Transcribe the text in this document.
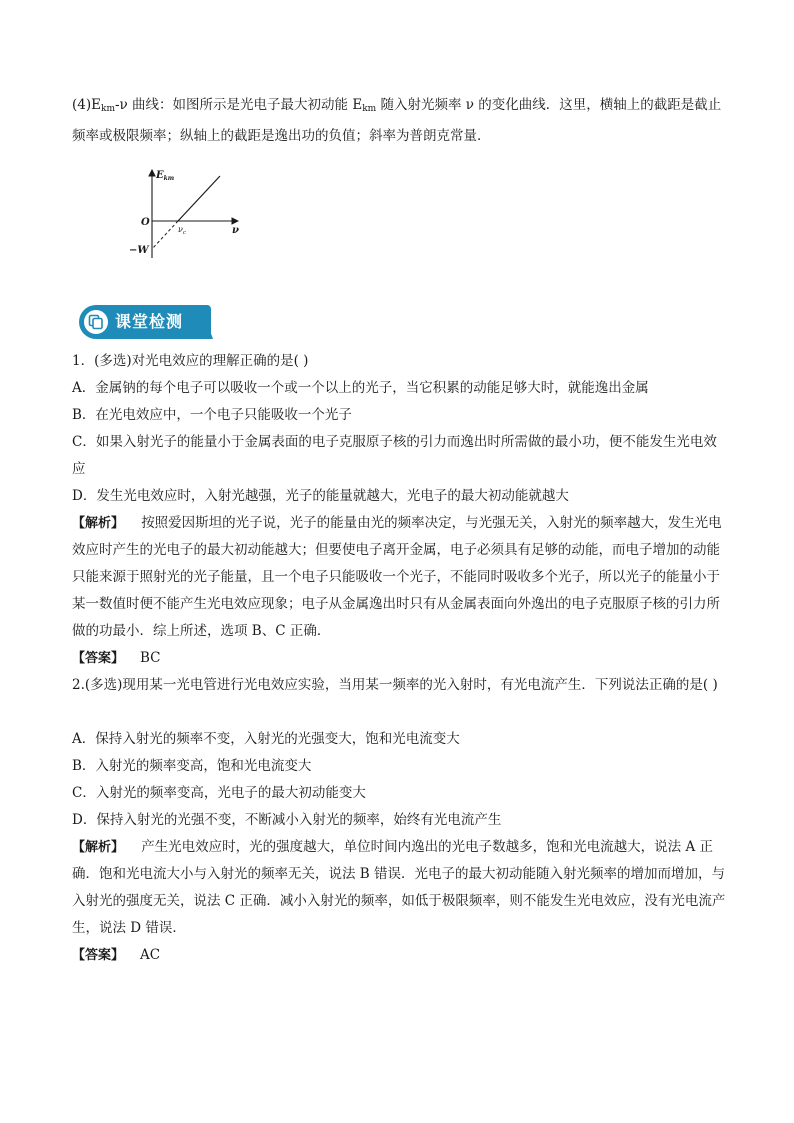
$(4)E_{km}-\nu$ 曲线：如图所示是光电子最大初动能 $E_{km}$ 随入射光频率 ν 的变化曲线．这里，横轴上的截距是截止频率或极限频率；纵轴上的截距是逸出功的负值；斜率为普朗克常量．

$E_{km}$
O
ν
$\nu_c$
−W
课堂检测
1．(多选)对光电效应的理解正确的是( )
A．金属钠的每个电子可以吸收一个或一个以上的光子，当它积累的动能足够大时，就能逸出金属
B．在光电效应中，一个电子只能吸收一个光子

C．如果入射光子的能量小于金属表面的电子克服原子核的引力而逸出时所需做的最小功，便不能发生光电效应

D．发生光电效应时，入射光越强，光子的能量就越大，光电子的最大初动能就越大

【解析】 按照爱因斯坦的光子说，光子的能量由光的频率决定，与光强无关，入射光的频率越大，发生光电效应时产生的光电子的最大初动能越大；但要使电子离开金属，电子必须具有足够的动能，而电子增加的动能只能来源于照射光的光子能量，且一个电子只能吸收一个光子，不能同时吸收多个光子，所以光子的能量小于某一数值时便不能产生光电效应现象；电子从金属逸出时只有从金属表面向外逸出的电子克服原子核的引力所做的功最小．综上所述，选项 B、C 正确．

【答案】 BC

2.(多选)现用某一光电管进行光电效应实验，当用某一频率的光入射时，有光电流产生．下列说法正确的是( )

A．保持入射光的频率不变，入射光的光强变大，饱和光电流变大
B．入射光的频率变高，饱和光电流变大
C．入射光的频率变高，光电子的最大初动能变大
D．保持入射光的光强不变，不断减小入射光的频率，始终有光电流产生

【解析】 产生光电效应时，光的强度越大，单位时间内逸出的光电子数越多，饱和光电流越大，说法 A 正确．饱和光电流大小与入射光的频率无关，说法 B 错误．光电子的最大初动能随入射光频率的增加而增加，与入射光的强度无关，说法 C 正确．减小入射光的频率，如低于极限频率，则不能发生光电效应，没有光电流产生，说法 D 错误．

【答案】 AC
